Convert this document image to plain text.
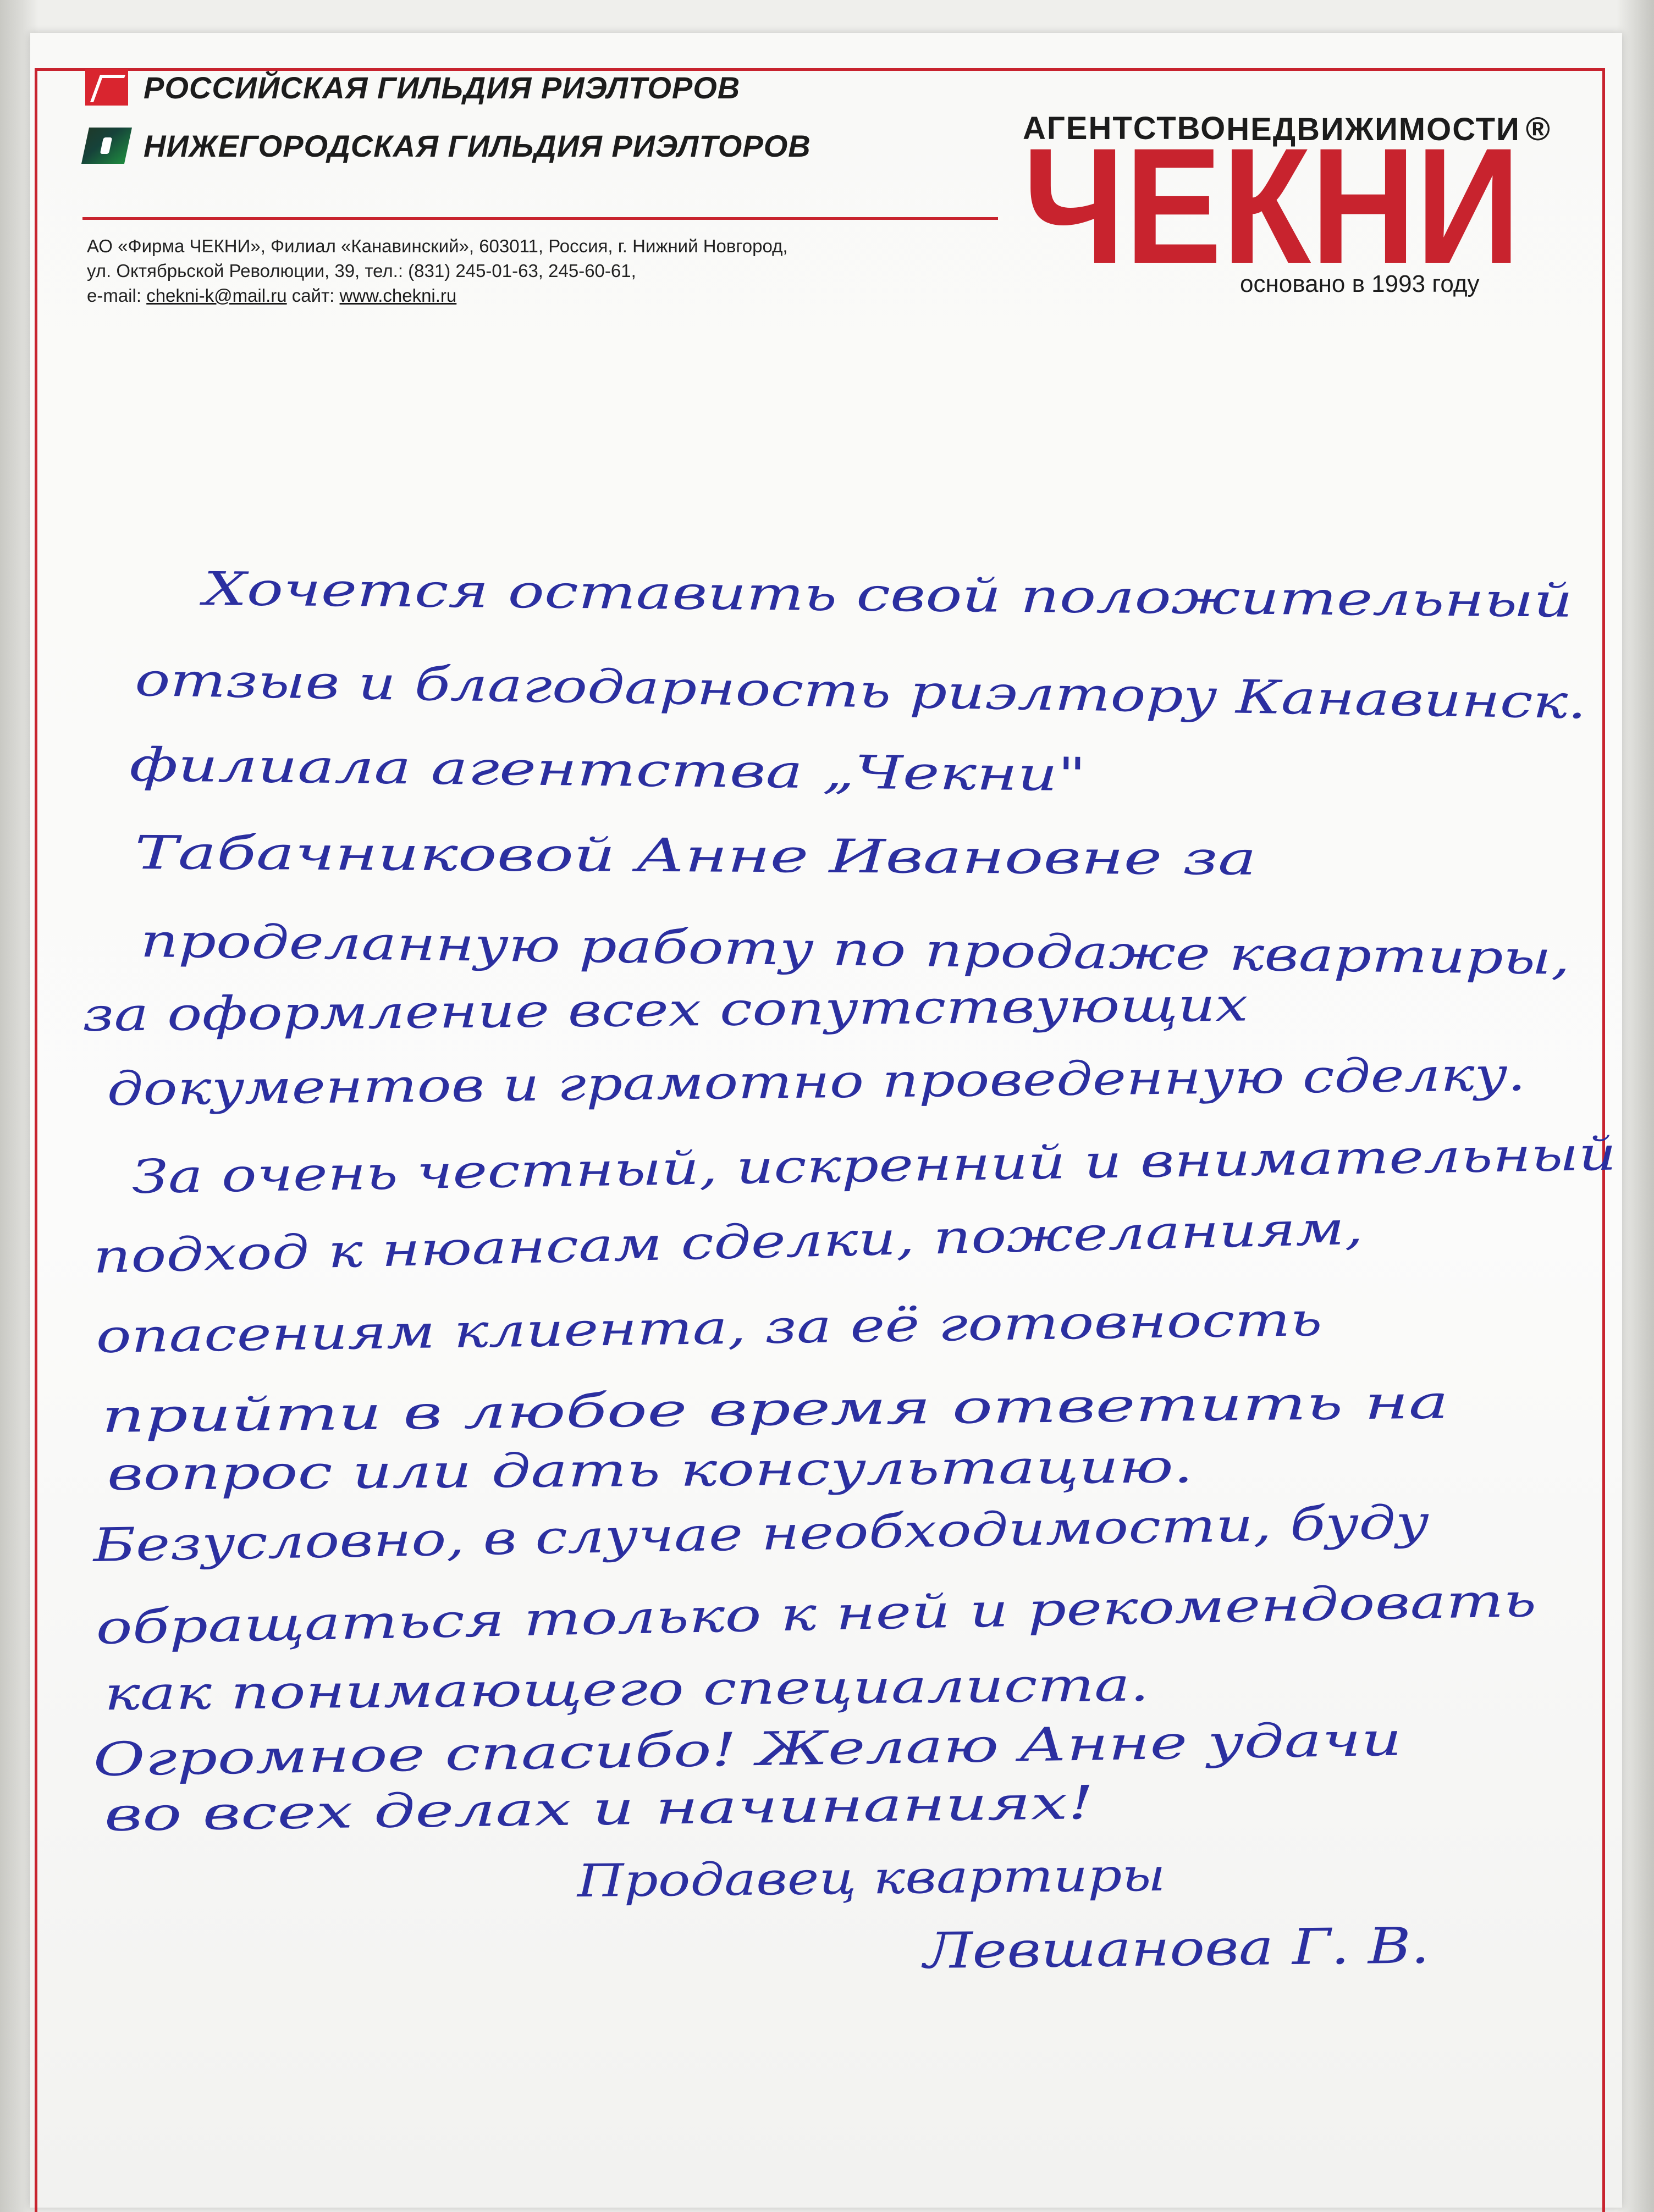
РОССИЙСКАЯ ГИЛЬДИЯ РИЭЛТОРОВ
НИЖЕГОРОДСКАЯ ГИЛЬДИЯ РИЭЛТОРОВ
АО «Фирма ЧЕКНИ», Филиал «Канавинский», 603011, Россия, г. Нижний Новгород,
ул. Октябрьской Революции, 39, тел.: (831) 245-01-63, 245-60-61,
e-mail: chekni-k@mail.ru сайт: www.chekni.ru
АГЕНТСТВО НЕДВИЖИМОСТИ ®
ЧЕКНИ
основано в 1993 году
Хочется оставить свой положительный
отзыв и благодарность риэлтору Канавинск.
филиала агентства „Чекни"
Табачниковой Анне Ивановне за
проделанную работу по продаже квартиры,
за оформление всех сопутствующих
документов и грамотно проведенную сделку.
За очень честный, искренний и внимательный
подход к нюансам сделки, пожеланиям,
опасениям клиента, за её готовность
прийти в любое время ответить на
вопрос или дать консультацию.
Безусловно, в случае необходимости, буду
обращаться только к ней и рекомендовать
как понимающего специалиста.
Огромное спасибо! Желаю Анне удачи
во всех делах и начинаниях!
Продавец квартиры
Левшанова Г. В.
